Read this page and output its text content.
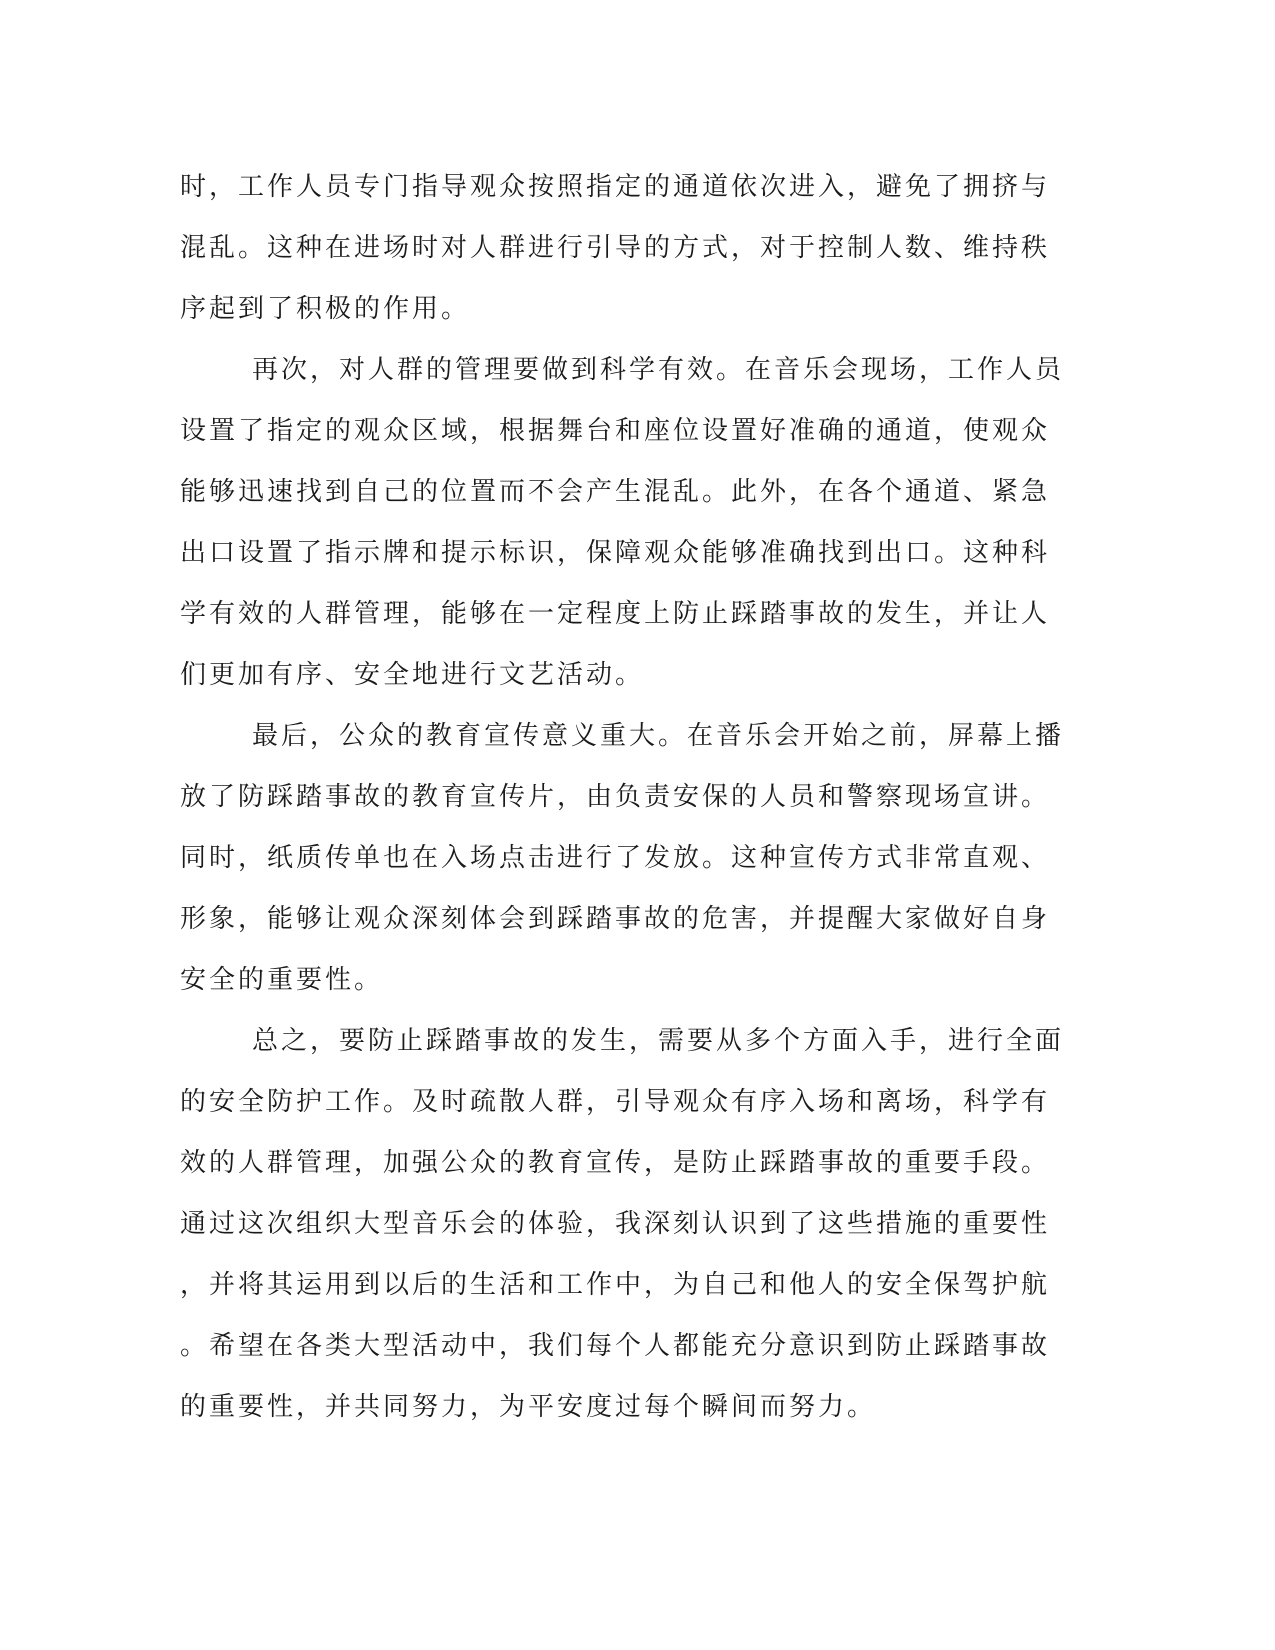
时，工作人员专门指导观众按照指定的通道依次进入，避免了拥挤与
混乱。这种在进场时对人群进行引导的方式，对于控制人数、维持秩
序起到了积极的作用。
再次，对人群的管理要做到科学有效。在音乐会现场，工作人员
设置了指定的观众区域，根据舞台和座位设置好准确的通道，使观众
能够迅速找到自己的位置而不会产生混乱。此外，在各个通道、紧急
出口设置了指示牌和提示标识，保障观众能够准确找到出口。这种科
学有效的人群管理，能够在一定程度上防止踩踏事故的发生，并让人
们更加有序、安全地进行文艺活动。
最后，公众的教育宣传意义重大。在音乐会开始之前，屏幕上播
放了防踩踏事故的教育宣传片，由负责安保的人员和警察现场宣讲。
同时，纸质传单也在入场点击进行了发放。这种宣传方式非常直观、
形象，能够让观众深刻体会到踩踏事故的危害，并提醒大家做好自身
安全的重要性。
总之，要防止踩踏事故的发生，需要从多个方面入手，进行全面
的安全防护工作。及时疏散人群，引导观众有序入场和离场，科学有
效的人群管理，加强公众的教育宣传，是防止踩踏事故的重要手段。
通过这次组织大型音乐会的体验，我深刻认识到了这些措施的重要性
，并将其运用到以后的生活和工作中，为自己和他人的安全保驾护航
。希望在各类大型活动中，我们每个人都能充分意识到防止踩踏事故
的重要性，并共同努力，为平安度过每个瞬间而努力。
